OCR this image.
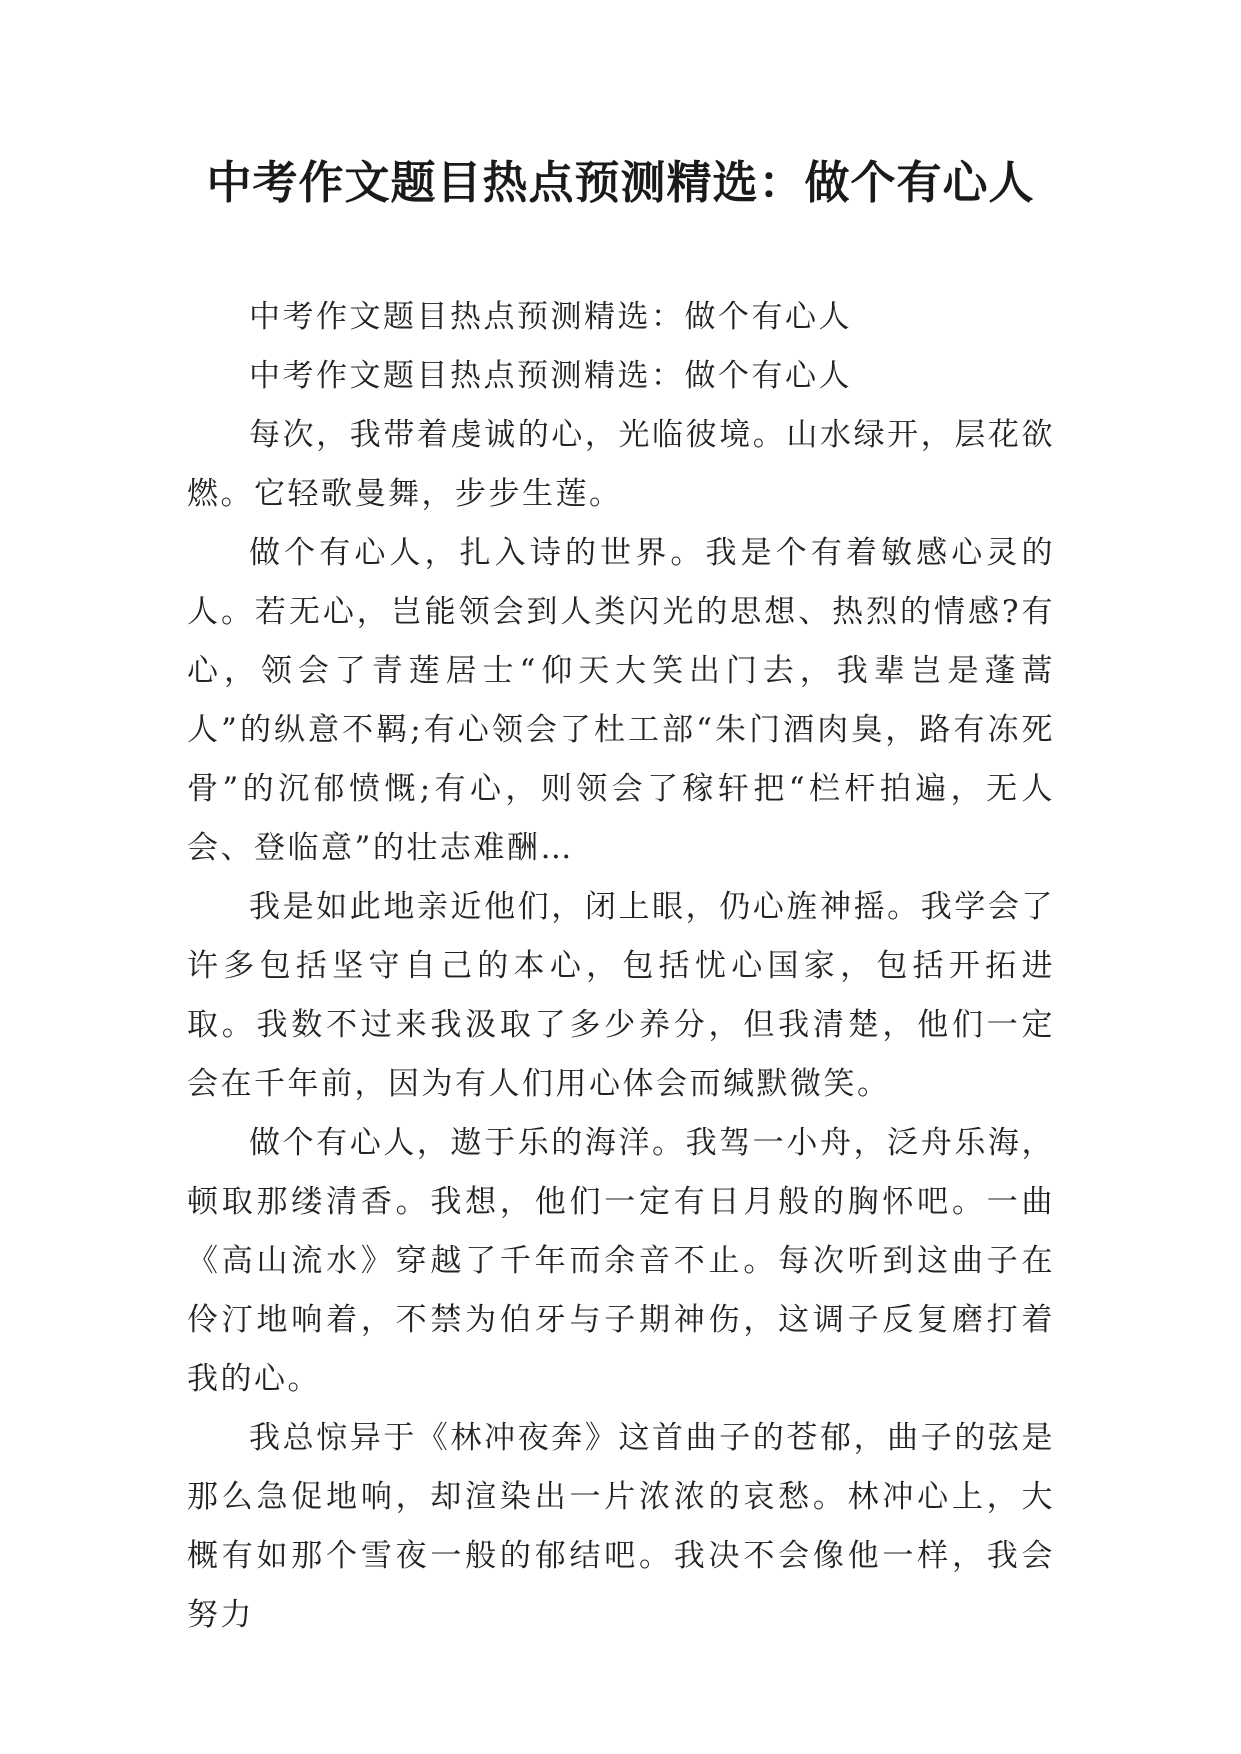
中考作文题目热点预测精选：做个有心人

中考作文题目热点预测精选：做个有心人

中考作文题目热点预测精选：做个有心人

每次，我带着虔诚的心，光临彼境。山水绿开，层花欲燃。它轻歌曼舞，步步生莲。

做个有心人，扎入诗的世界。我是个有着敏感心灵的人。若无心，岂能领会到人类闪光的思想、热烈的情感?有心，领会了青莲居士“仰天大笑出门去，我辈岂是蓬蒿人”的纵意不羁;有心领会了杜工部“朱门酒肉臭，路有冻死骨”的沉郁愤慨;有心，则领会了稼轩把“栏杆拍遍，无人会、登临意”的壮志难酬…

我是如此地亲近他们，闭上眼，仍心旌神摇。我学会了许多包括坚守自己的本心，包括忧心国家，包括开拓进取。我数不过来我汲取了多少养分，但我清楚，他们一定会在千年前，因为有人们用心体会而缄默微笑。

做个有心人，遨于乐的海洋。我驾一小舟，泛舟乐海，顿取那缕清香。我想，他们一定有日月般的胸怀吧。一曲《高山流水》穿越了千年而余音不止。每次听到这曲子在伶汀地响着，不禁为伯牙与子期神伤，这调子反复磨打着我的心。

我总惊异于《林冲夜奔》这首曲子的苍郁，曲子的弦是那么急促地响，却渲染出一片浓浓的哀愁。林冲心上，大概有如那个雪夜一般的郁结吧。我决不会像他一样，我会努力
